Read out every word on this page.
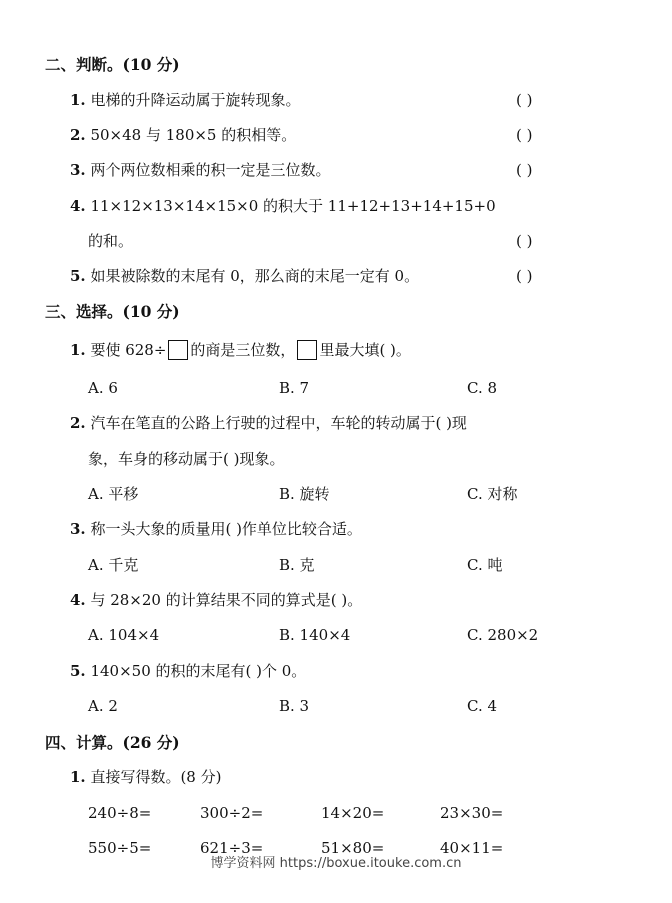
二、判断。(10 分)
1. 电梯的升降运动属于旋转现象。	( )
2. 50×48 与 180×5 的积相等。	( )
3. 两个两位数相乘的积一定是三位数。	( )
4. 11×12×13×14×15×0 的积大于 11+12+13+14+15+0
的和。	( )
5. 如果被除数的末尾有 0，那么商的末尾一定有 0。	( )
三、选择。(10 分)
1. 要使 628÷ 的商是三位数， 里最大填( )。
A. 6	B. 7	C. 8
2. 汽车在笔直的公路上行驶的过程中，车轮的转动属于( )现
象，车身的移动属于( )现象。
A. 平移	B. 旋转	C. 对称
3. 称一头大象的质量用( )作单位比较合适。
A. 千克	B. 克	C. 吨
4. 与 28×20 的计算结果不同的算式是( )。
A. 104×4	B. 140×4	C. 280×2
5. 140×50 的积的末尾有( )个 0。
A. 2	B. 3	C. 4
四、计算。(26 分)
1. 直接写得数。(8 分)
240÷8=	300÷2=	14×20=	23×30=
550÷5=	621÷3=	51×80=	40×11=
博学资料网 https://boxue.itouke.com.cn
